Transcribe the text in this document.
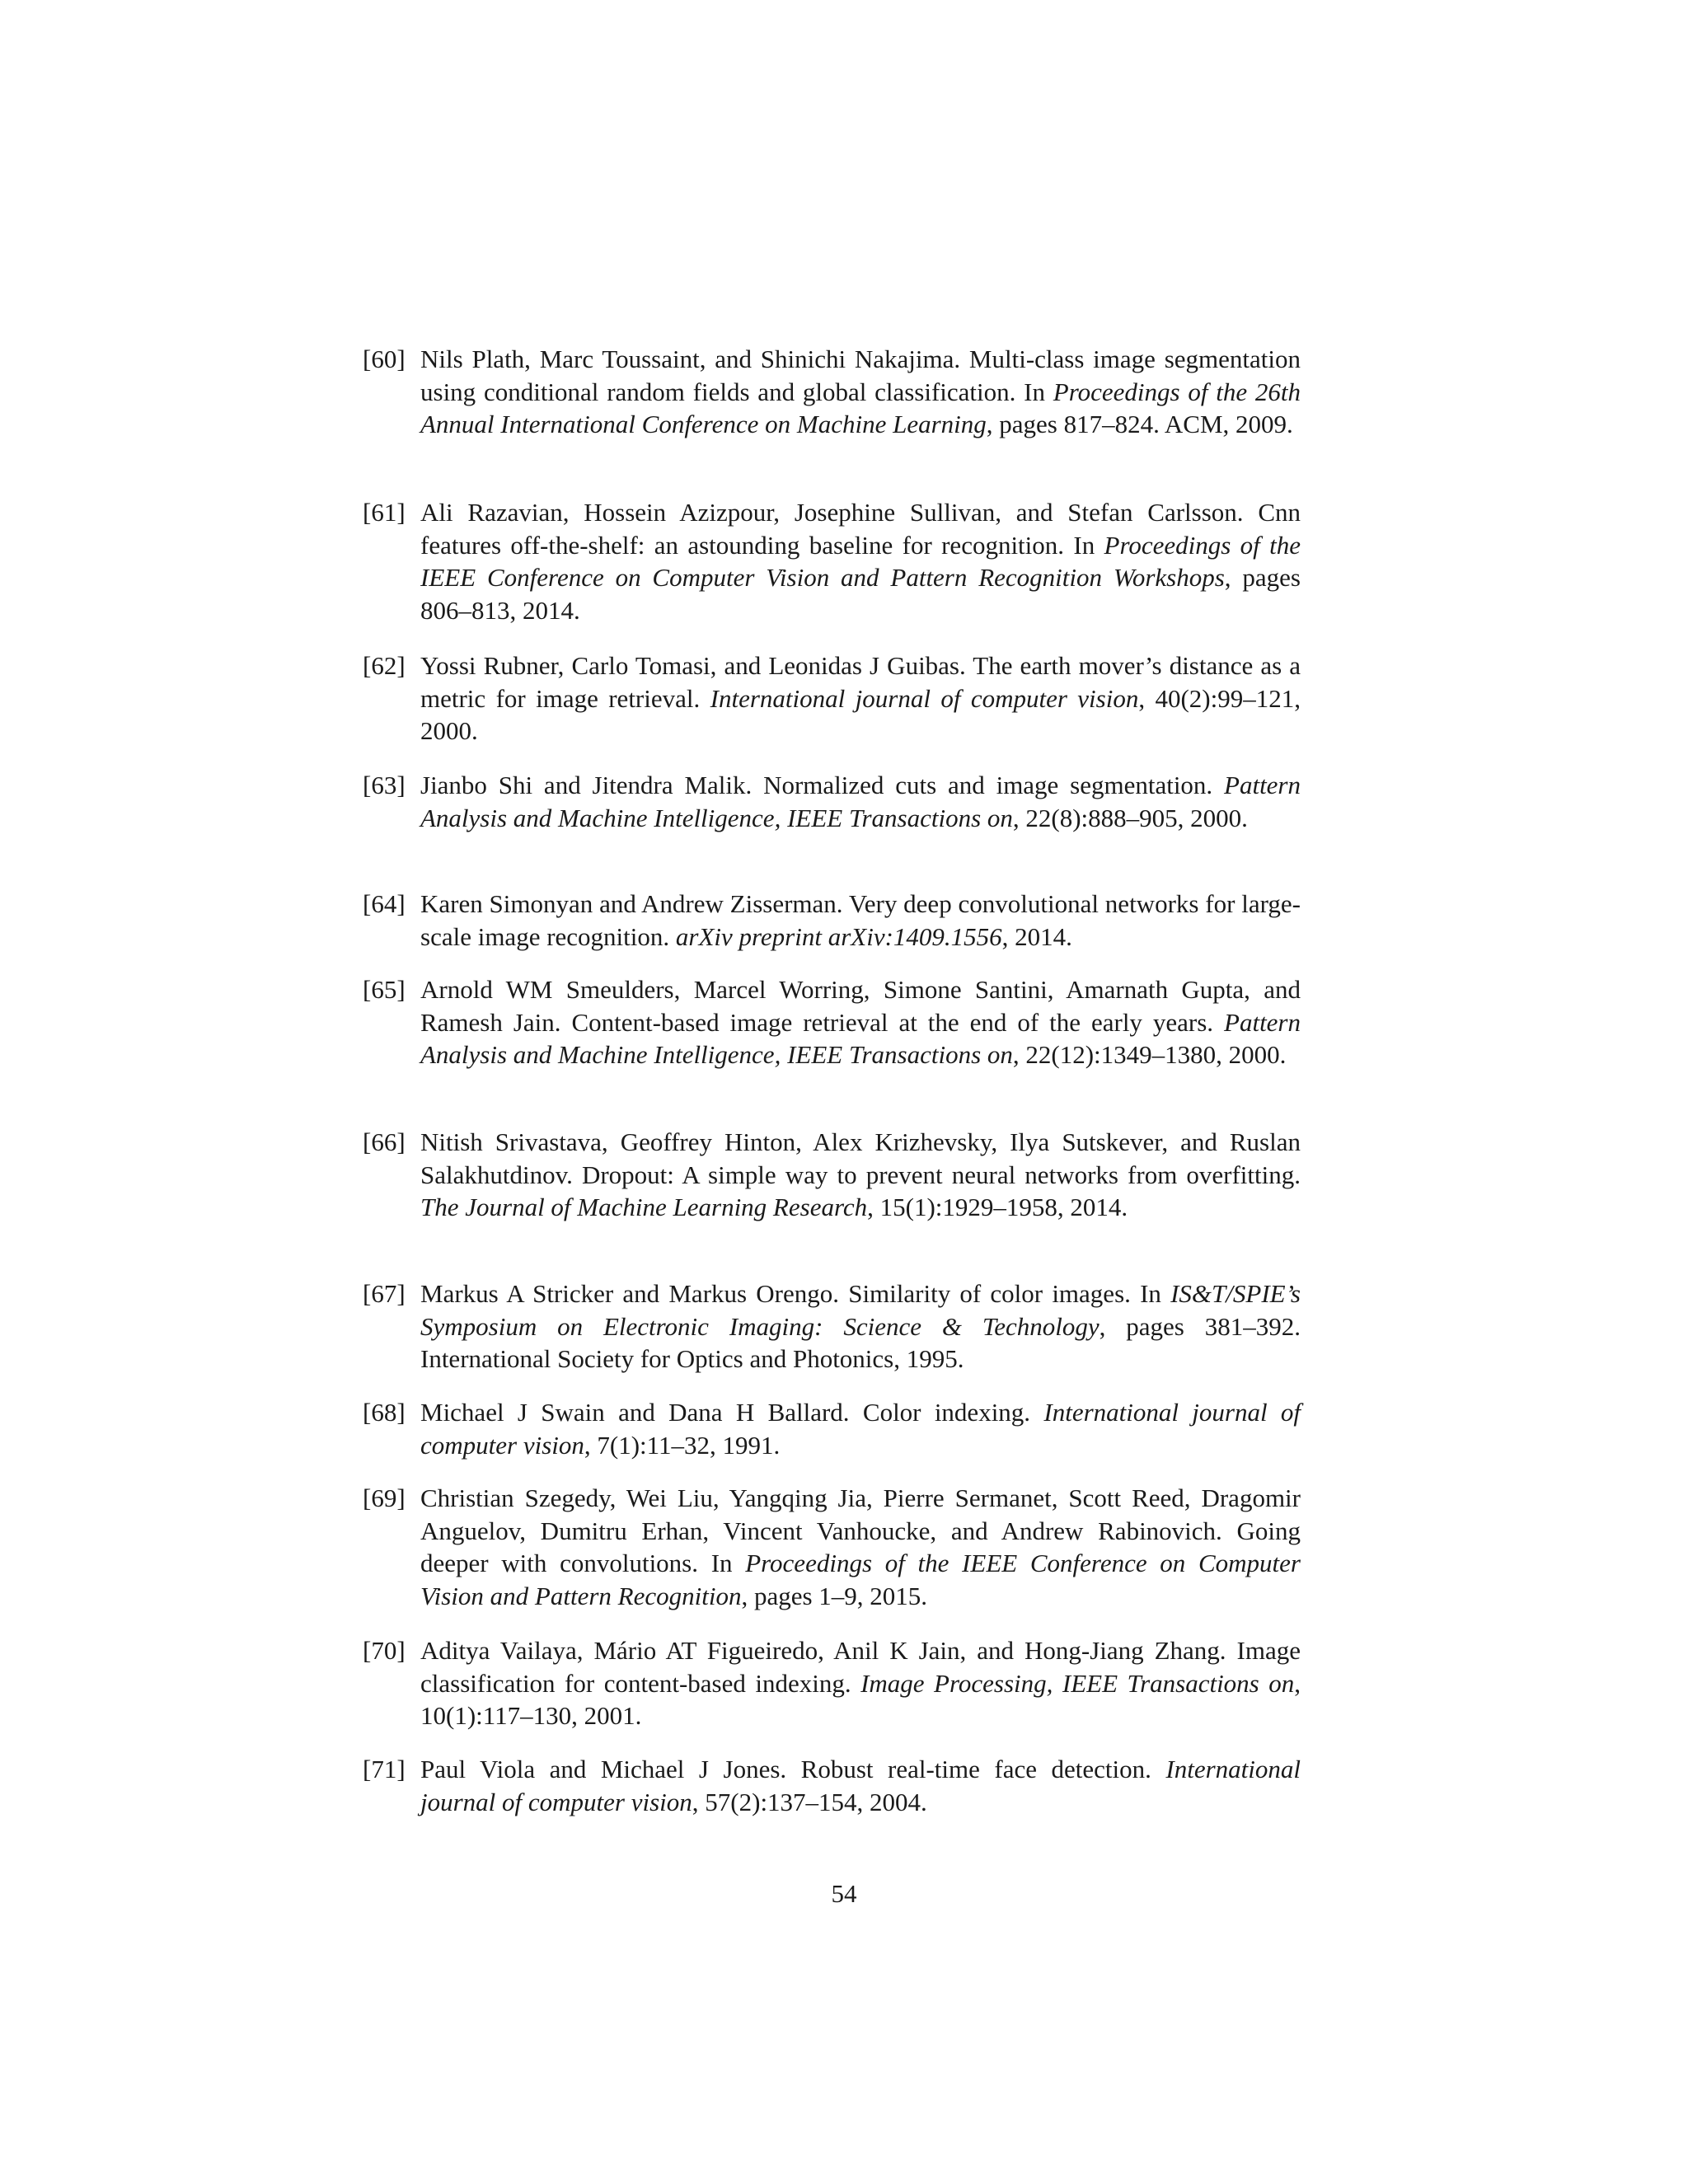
[60] Nils Plath, Marc Toussaint, and Shinichi Nakajima. Multi-class image segmentation using conditional random fields and global classification. In Proceedings of the 26th Annual International Conference on Machine Learning, pages 817–824. ACM, 2009.
[61] Ali Razavian, Hossein Azizpour, Josephine Sullivan, and Stefan Carlsson. Cnn features off-the-shelf: an astounding baseline for recognition. In Proceedings of the IEEE Conference on Computer Vision and Pattern Recognition Workshops, pages 806–813, 2014.
[62] Yossi Rubner, Carlo Tomasi, and Leonidas J Guibas. The earth mover’s distance as a metric for image retrieval. International journal of computer vision, 40(2):99–121, 2000.
[63] Jianbo Shi and Jitendra Malik. Normalized cuts and image segmentation. Pattern Analysis and Machine Intelligence, IEEE Transactions on, 22(8):888–905, 2000.
[64] Karen Simonyan and Andrew Zisserman. Very deep convolutional networks for large-scale image recognition. arXiv preprint arXiv:1409.1556, 2014.
[65] Arnold WM Smeulders, Marcel Worring, Simone Santini, Amarnath Gupta, and Ramesh Jain. Content-based image retrieval at the end of the early years. Pattern Analysis and Machine Intelligence, IEEE Transactions on, 22(12):1349–1380, 2000.
[66] Nitish Srivastava, Geoffrey Hinton, Alex Krizhevsky, Ilya Sutskever, and Ruslan Salakhutdinov. Dropout: A simple way to prevent neural networks from overfitting. The Journal of Machine Learning Research, 15(1):1929–1958, 2014.
[67] Markus A Stricker and Markus Orengo. Similarity of color images. In IS&T/SPIE’s Symposium on Electronic Imaging: Science & Technology, pages 381–392. International Society for Optics and Photonics, 1995.
[68] Michael J Swain and Dana H Ballard. Color indexing. International journal of computer vision, 7(1):11–32, 1991.
[69] Christian Szegedy, Wei Liu, Yangqing Jia, Pierre Sermanet, Scott Reed, Dragomir Anguelov, Dumitru Erhan, Vincent Vanhoucke, and Andrew Rabinovich. Going deeper with convolutions. In Proceedings of the IEEE Conference on Computer Vision and Pattern Recognition, pages 1–9, 2015.
[70] Aditya Vailaya, Mário AT Figueiredo, Anil K Jain, and Hong-Jiang Zhang. Image classification for content-based indexing. Image Processing, IEEE Transactions on, 10(1):117–130, 2001.
[71] Paul Viola and Michael J Jones. Robust real-time face detection. International journal of computer vision, 57(2):137–154, 2004.
54
